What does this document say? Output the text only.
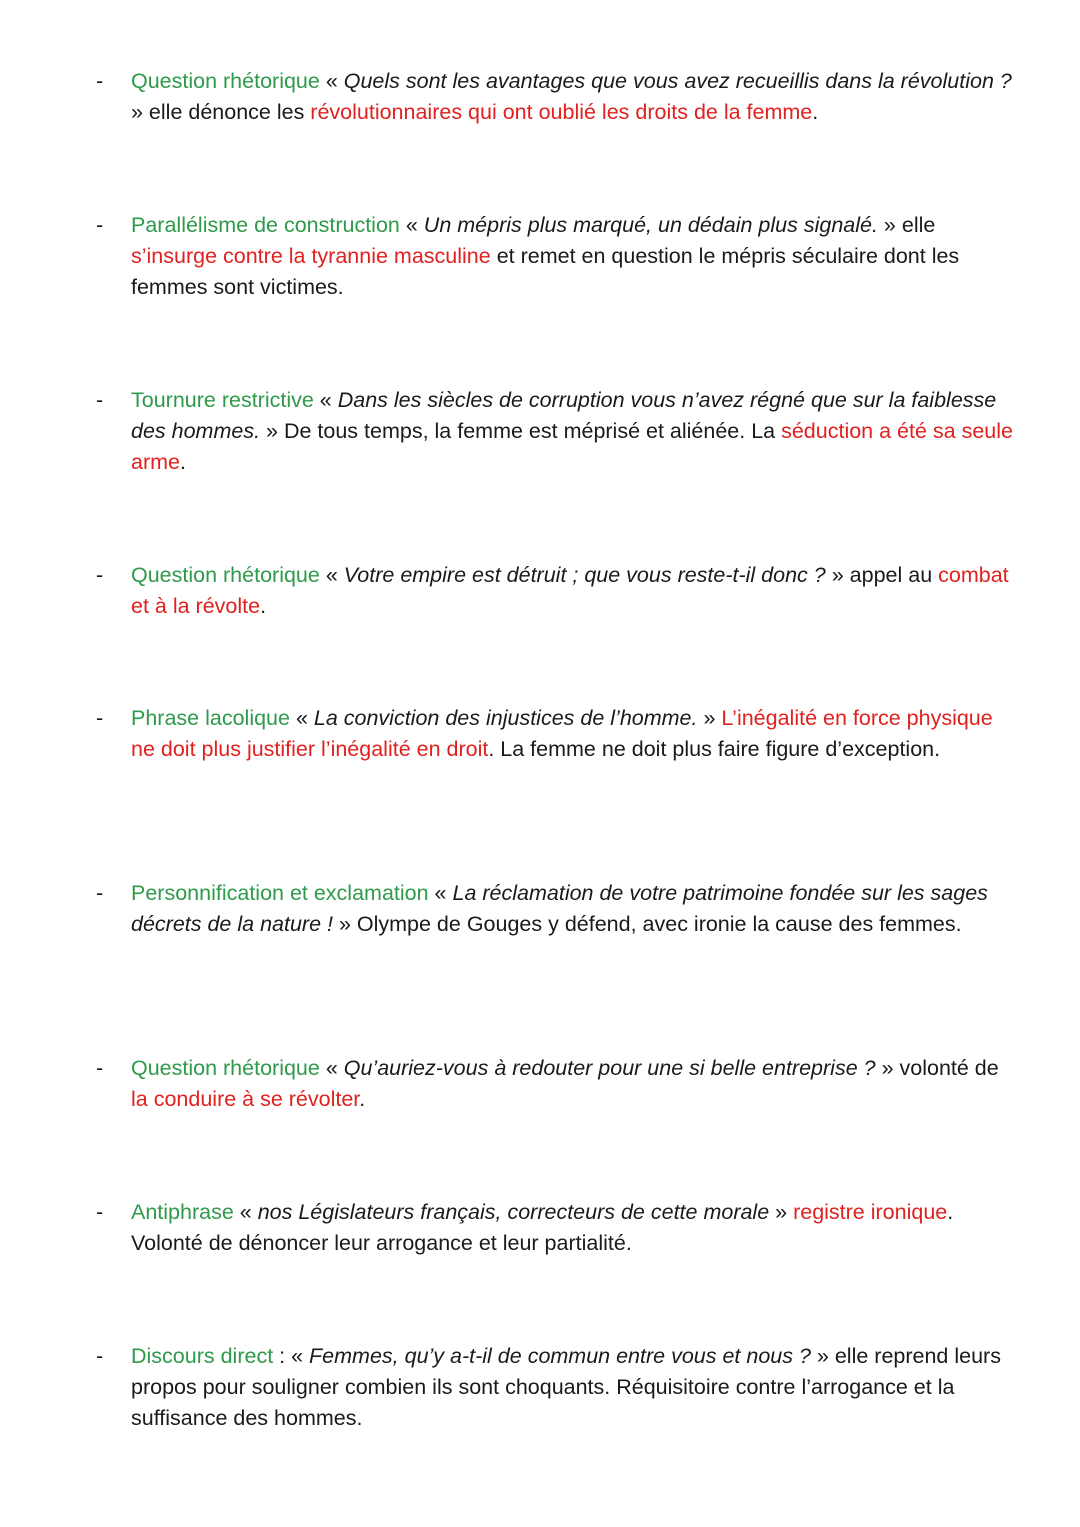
- Question rhétorique « Quels sont les avantages que vous avez recueillis dans la révolution ? » elle dénonce les révolutionnaires qui ont oublié les droits de la femme.
- Parallélisme de construction « Un mépris plus marqué, un dédain plus signalé. » elle s’insurge contre la tyrannie masculine et remet en question le mépris séculaire dont les femmes sont victimes.
- Tournure restrictive « Dans les siècles de corruption vous n’avez régné que sur la faiblesse des hommes. » De tous temps, la femme est méprisé et aliénée. La séduction a été sa seule arme.
- Question rhétorique « Votre empire est détruit ; que vous reste-t-il donc ? » appel au combat et à la révolte.
- Phrase lacolique « La conviction des injustices de l’homme. » L’inégalité en force physique ne doit plus justifier l’inégalité en droit. La femme ne doit plus faire figure d’exception.
- Personnification et exclamation « La réclamation de votre patrimoine fondée sur les sages décrets de la nature ! » Olympe de Gouges y défend, avec ironie la cause des femmes.
- Question rhétorique « Qu’auriez-vous à redouter pour une si belle entreprise ? » volonté de la conduire à se révolter.
- Antiphrase « nos Législateurs français, correcteurs de cette morale » registre ironique. Volonté de dénoncer leur arrogance et leur partialité.
- Discours direct : « Femmes, qu’y a-t-il de commun entre vous et nous ? » elle reprend leurs propos pour souligner combien ils sont choquants. Réquisitoire contre l’arrogance et la suffisance des hommes.
